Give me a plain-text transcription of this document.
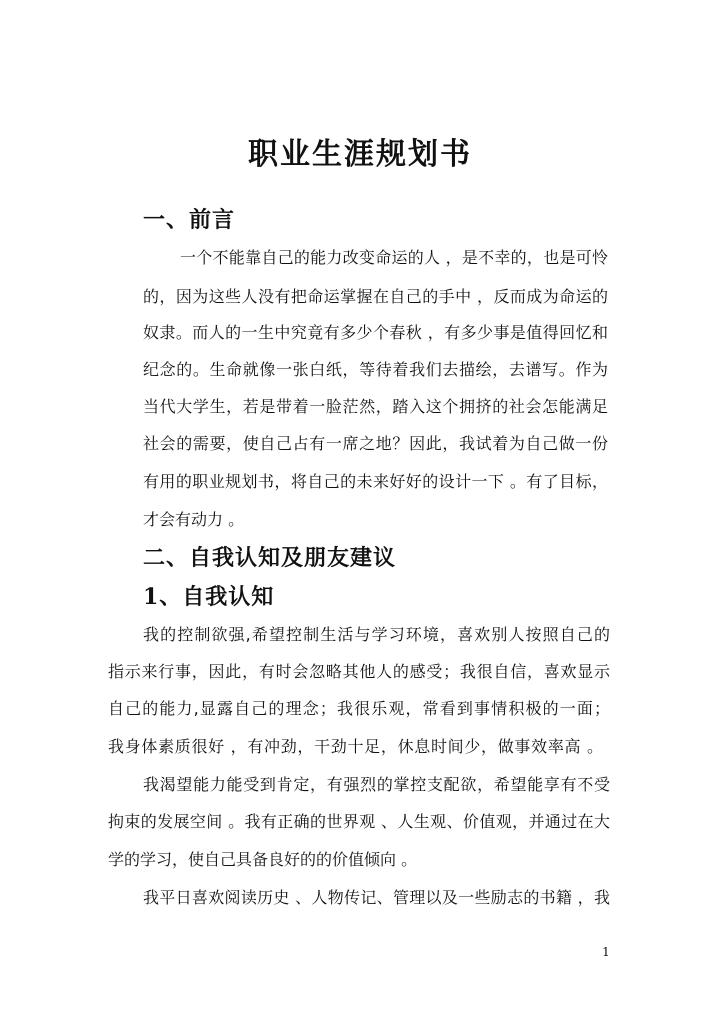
职业生涯规划书
一、前言
一个不能靠自己的能力改变命运的人 ，是不幸的，也是可怜
的，因为这些人没有把命运掌握在自己的手中 ，反而成为命运的
奴隶。而人的一生中究竟有多少个春秋 ，有多少事是值得回忆和
纪念的。生命就像一张白纸，等待着我们去描绘，去谱写。作为
当代大学生，若是带着一脸茫然，踏入这个拥挤的社会怎能满足
社会的需要，使自己占有一席之地？因此，我试着为自己做一份
有用的职业规划书，将自己的未来好好的设计一下 。有了目标，
才会有动力 。
二、自我认知及朋友建议
1、自我认知
我的控制欲强,希望控制生活与学习环境，喜欢别人按照自己的
指示来行事，因此，有时会忽略其他人的感受；我很自信，喜欢显示
自己的能力,显露自己的理念；我很乐观，常看到事情积极的一面；
我身体素质很好 ，有冲劲，干劲十足，休息时间少，做事效率高 。
我渴望能力能受到肯定，有强烈的掌控支配欲，希望能享有不受
拘束的发展空间 。我有正确的世界观 、人生观、价值观，并通过在大
学的学习，使自己具备良好的的价值倾向 。
我平日喜欢阅读历史 、人物传记、管理以及一些励志的书籍 ，我
1
